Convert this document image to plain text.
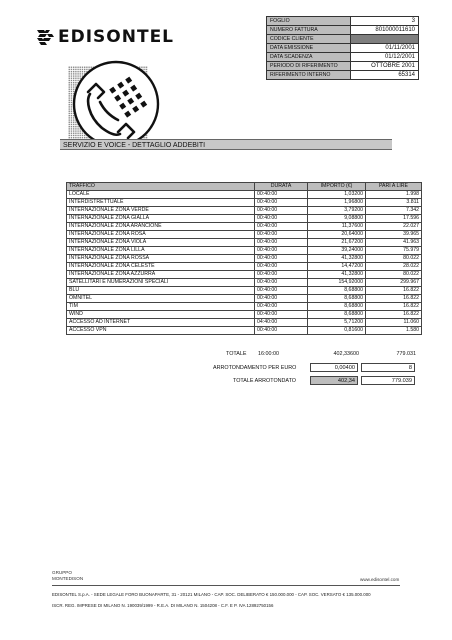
EDISONTEL
FOGLIO	3
NUMERO FATTURA	801000011610
CODICE CLIENTE	
DATA EMISSIONE	01/11/2001
DATA SCADENZA	01/12/2001
PERIODO DI RIFERIMENTO	OTTOBRE 2001
RIFERIMENTO INTERNO	65314
SERVIZIO E VOICE - DETTAGLIO ADDEBITI
TRAFFICO	DURATA	IMPORTO (€)	PARI A LIRE
LOCALE	00:40:00	1,03200	1.998
INTERDISTRETTUALE	00:40:00	1,96800	3.811
INTERNAZIONALE ZONA VERDE	00:40:00	3,79200	7.342
INTERNAZIONALE ZONA GIALLA	00:40:00	9,08800	17.596
INTERNAZIONALE ZONA ARANCIONE	00:40:00	11,37600	22.027
INTERNAZIONALE ZONA ROSA	00:40:00	20,64000	39.965
INTERNAZIONALE ZONA VIOLA	00:40:00	21,67200	41.963
INTERNAZIONALE ZONA LILLA	00:40:00	39,24000	75.979
INTERNAZIONALE ZONA ROSSA	00:40:00	41,32800	80.022
INTERNAZIONALE ZONA CELESTE	00:40:00	14,47200	28.022
INTERNAZIONALE ZONA AZZURRA	00:40:00	41,32800	80.022
SATELLITARI E NUMERAZIONI SPECIALI	00:40:00	154,92000	299.967
BLU	00:40:00	8,68800	16.822
OMNITEL	00:40:00	8,68800	16.822
TIM	00:40:00	8,68800	16.822
WIND	00:40:00	8,68800	16.822
ACCESSO AD INTERNET	04:40:00	5,71200	11.060
ACCESSO VPN	00:40:00	0,81600	1.580
TOTALE 16:00:00	402,33600	779.031
ARROTONDAMENTO PER EURO	0,00400	8
TOTALE ARROTONDATO	402,34	779.039
GRUPPO
MONTEDISON	www.edisontel.com
EDISONTEL S.p.A. - SEDE LEGALE FORO BUONAPARTE, 31 - 20121 MILANO - CAP. SOC. DELIBERATO € 150.000.000 - CAP. SOC. VERSATO € 135.000.000
ISCR. REG. IMPRESE DI MILANO N. 190039/1999 - R.E.A. DI MILANO N. 1504208 - C.F. E P. IVA 12892750156
